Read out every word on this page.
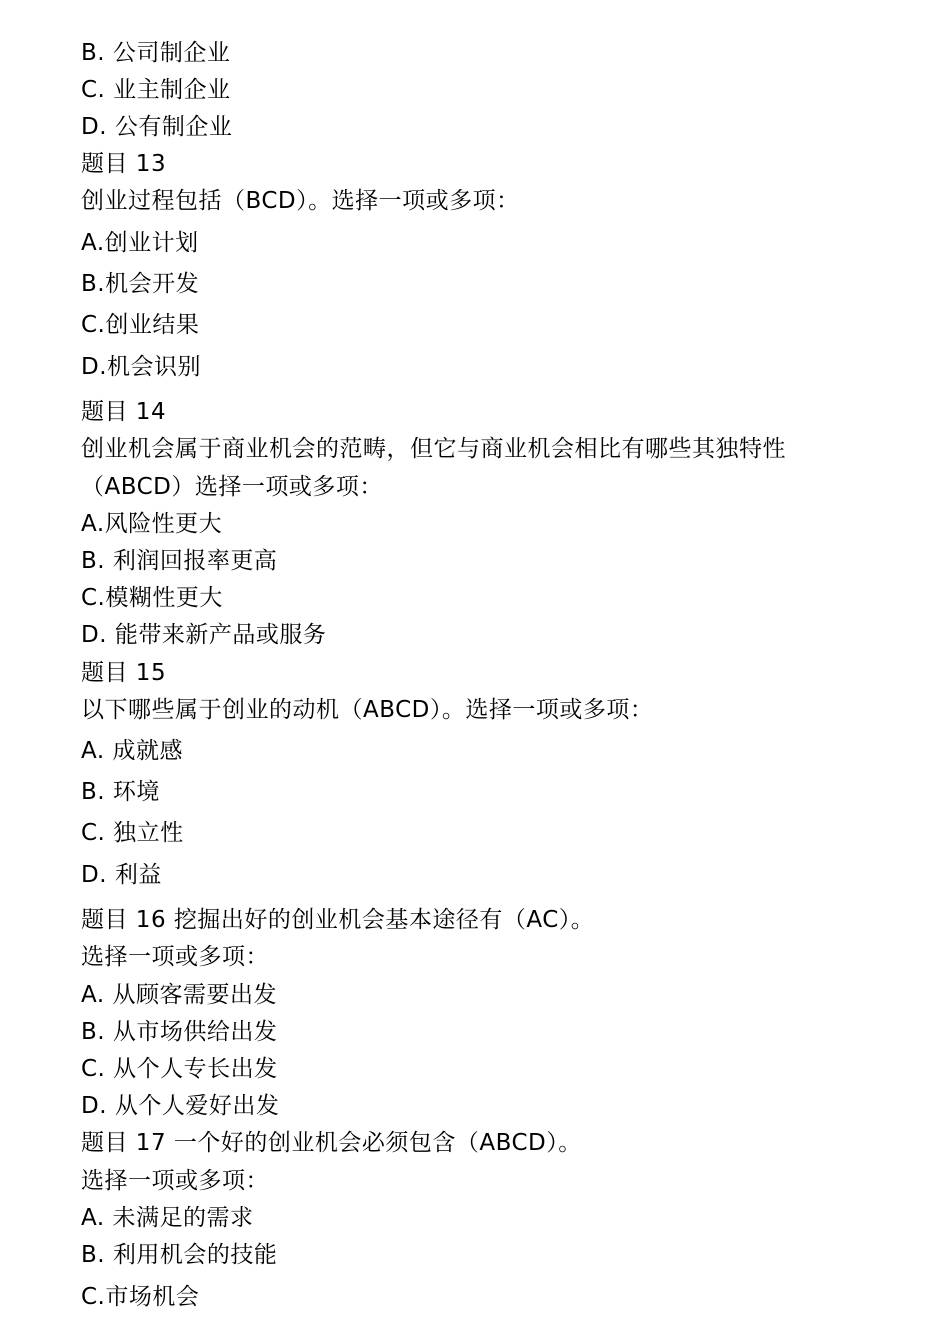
B. 公司制企业
C. 业主制企业
D. 公有制企业
题目 13
创业过程包括（BCD）。选择一项或多项：
A.创业计划
B.机会开发
C.创业结果
D.机会识别
题目 14
创业机会属于商业机会的范畴，但它与商业机会相比有哪些其独特性
（ABCD）选择一项或多项：
A.风险性更大
B. 利润回报率更高
C.模糊性更大
D. 能带来新产品或服务
题目 15
以下哪些属于创业的动机（ABCD）。选择一项或多项：
A. 成就感
B. 环境
C. 独立性
D. 利益
题目 16 挖掘出好的创业机会基本途径有（AC）。
选择一项或多项：
A. 从顾客需要出发
B. 从市场供给出发
C. 从个人专长出发
D. 从个人爱好出发
题目 17 一个好的创业机会必须包含（ABCD）。
选择一项或多项：
A. 未满足的需求
B. 利用机会的技能
C.市场机会
